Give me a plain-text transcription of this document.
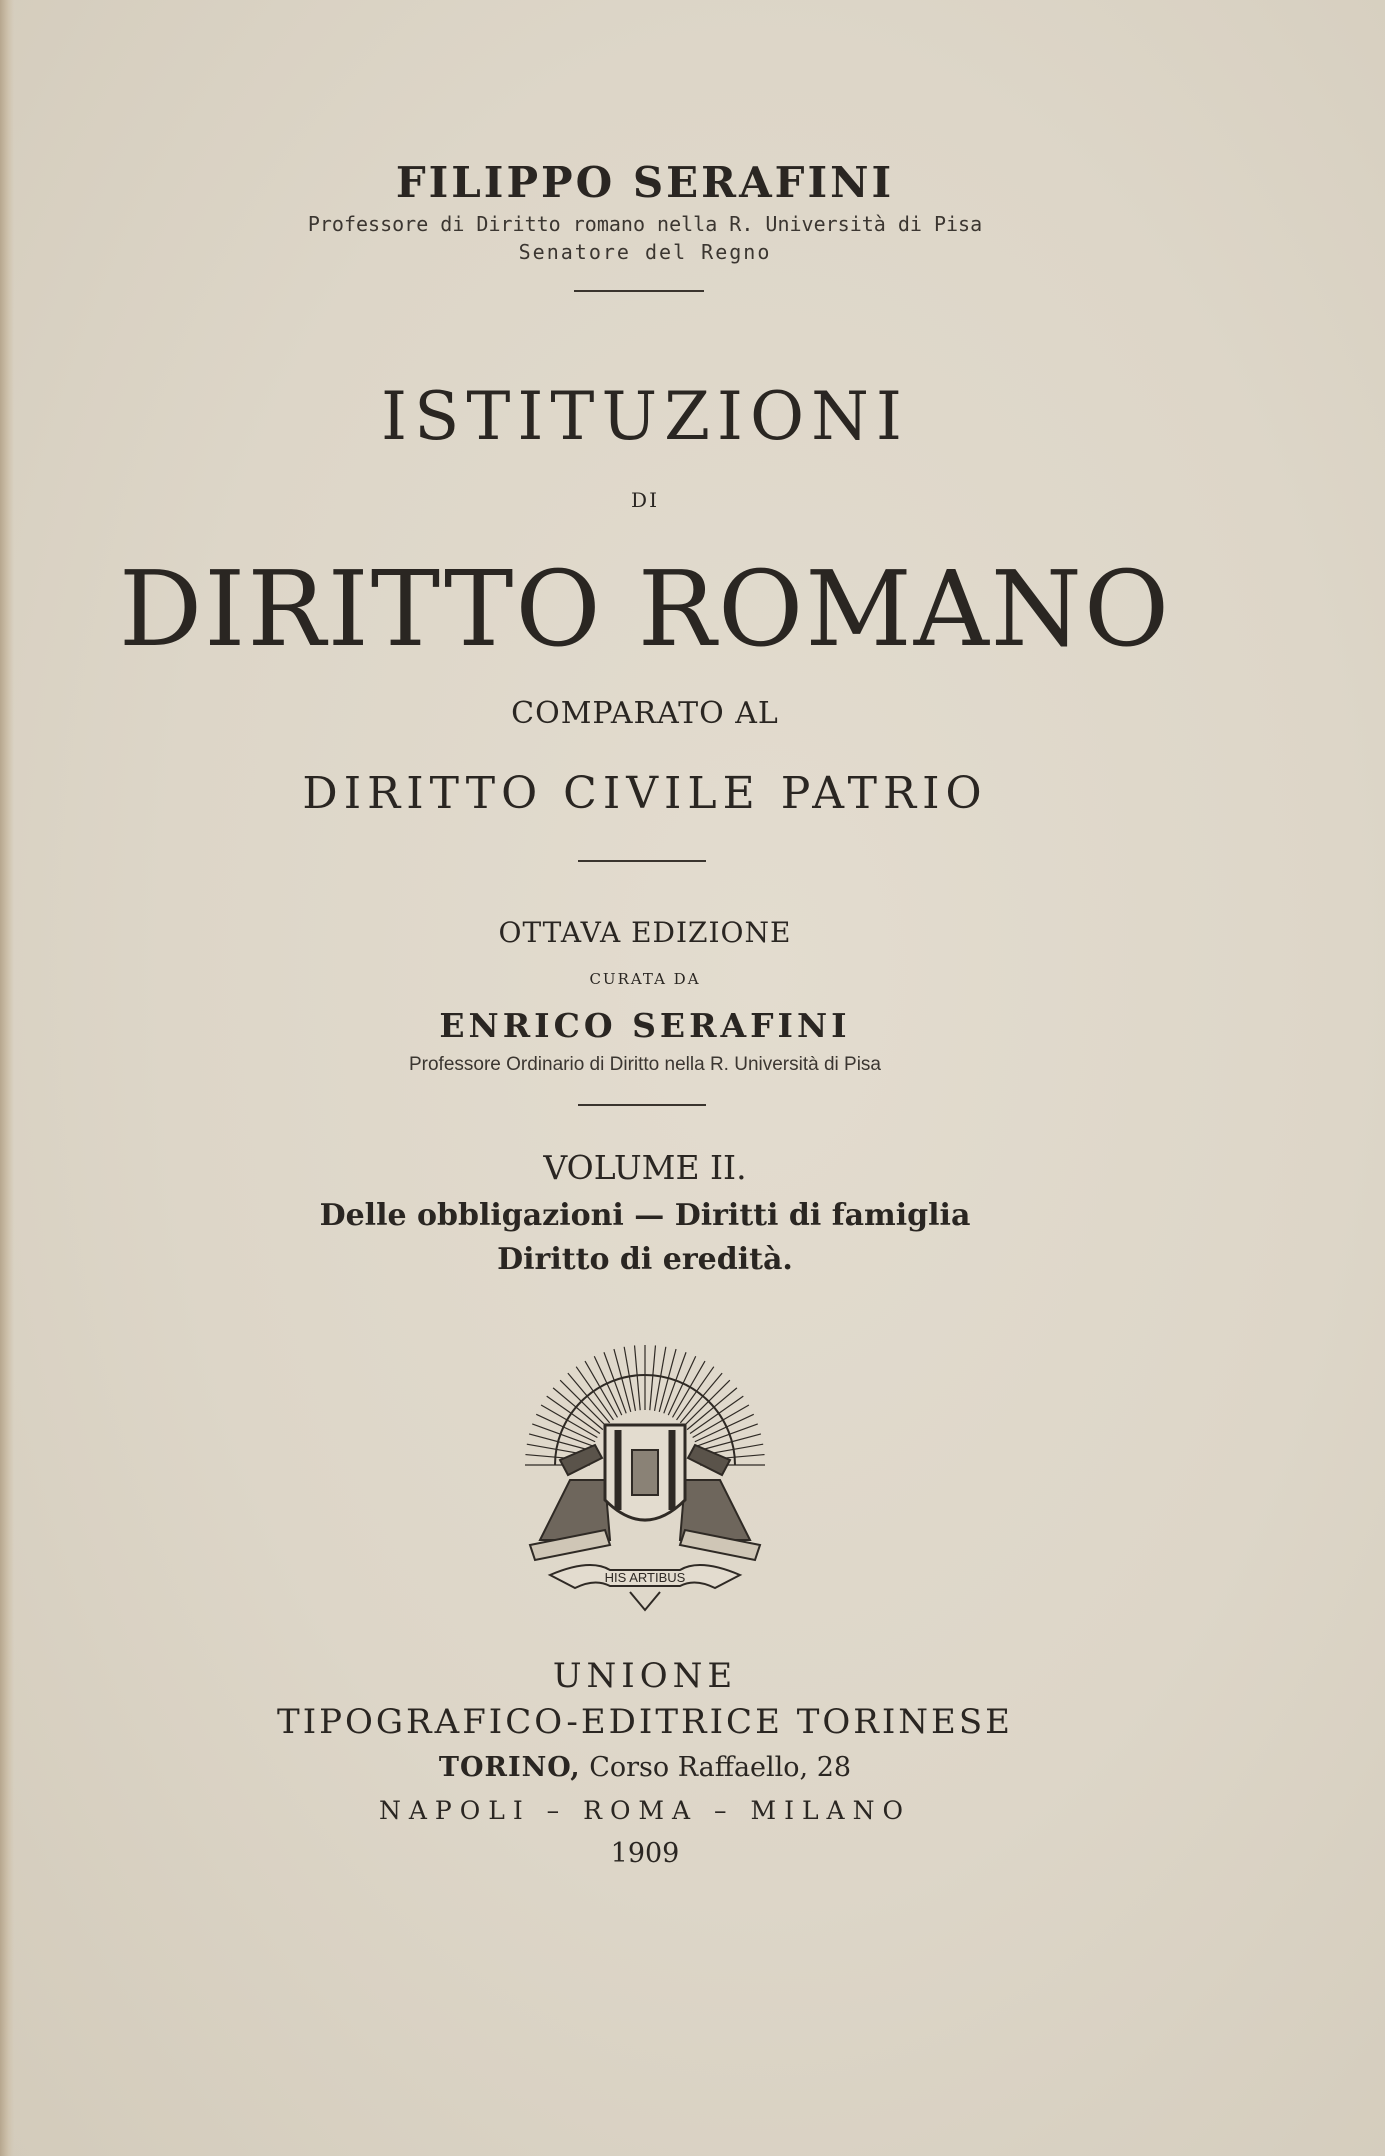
FILIPPO SERAFINI
Professore di Diritto romano nella R. Università di Pisa
Senatore del Regno
ISTITUZIONI
DI
DIRITTO ROMANO
COMPARATO AL
DIRITTO CIVILE PATRIO
OTTAVA EDIZIONE
CURATA DA
ENRICO SERAFINI
Professore Ordinario di Diritto nella R. Università di Pisa
VOLUME II.
Delle obbligazioni — Diritti di famiglia
Diritto di eredità.
HIS ARTIBUS
UNIONE
TIPOGRAFICO-EDITRICE TORINESE
TORINO, Corso Raffaello, 28
NAPOLI – ROMA – MILANO
1909
